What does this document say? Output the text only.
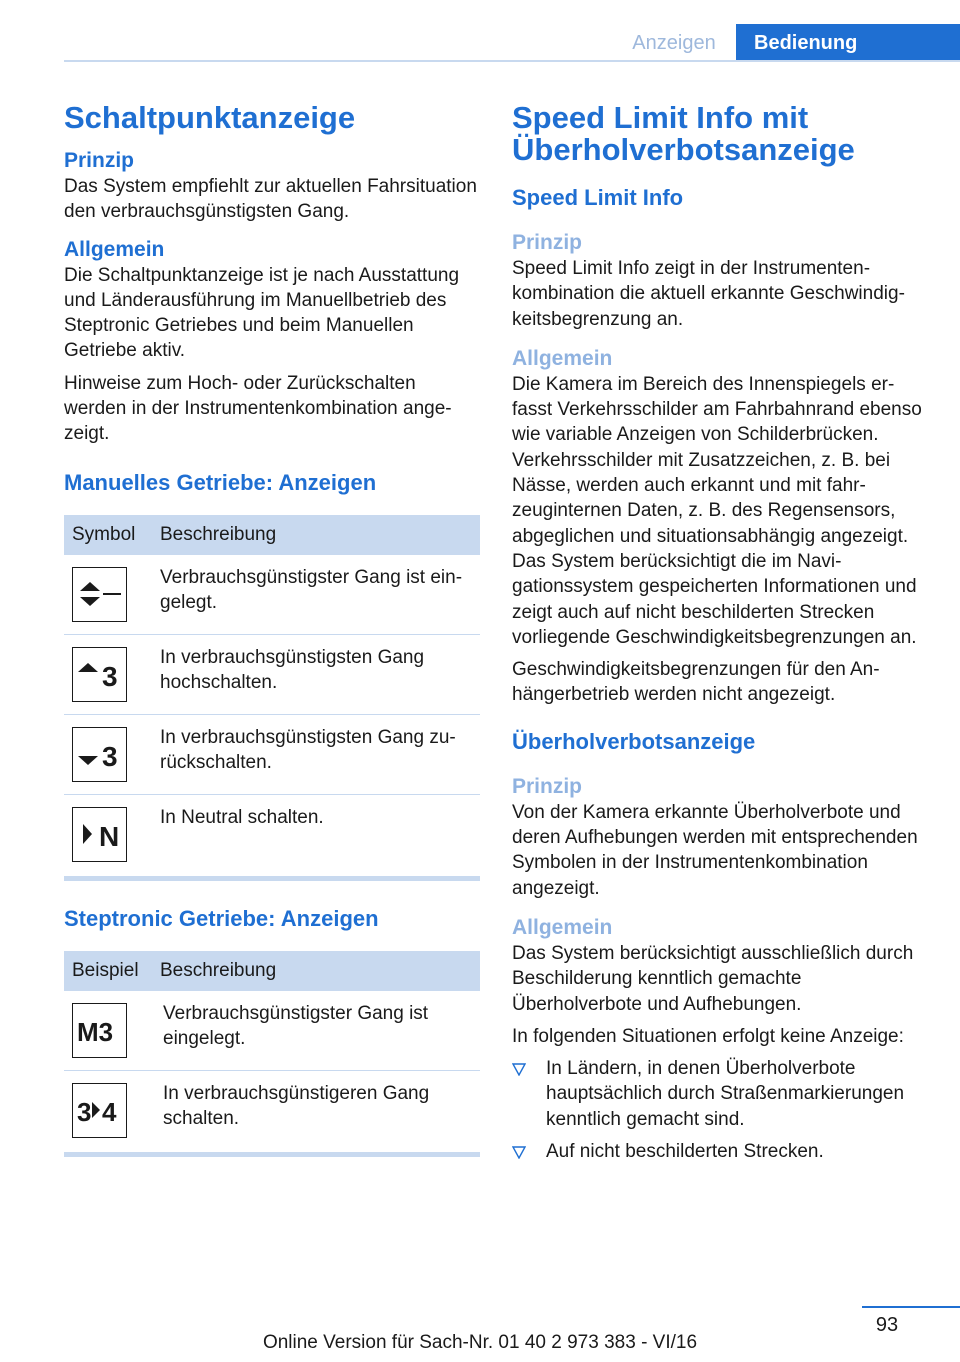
Anzeigen	Bedienung
Schaltpunktanzeige
Prinzip

Das System empfiehlt zur aktuellen Fahrsituation den verbrauchsgünstigsten Gang.

Allgemein

Die Schaltpunktanzeige ist je nach Ausstattung und Länderausführung im Manuellbetrieb des Steptronic Getriebes und beim Manuellen Getriebe aktiv.

Hinweise zum Hoch- oder Zurückschalten werden in der Instrumentenkombination angezeigt.

Manuelles Getriebe: Anzeigen
Symbol	Beschreibung

	Verbrauchsgünstigster Gang ist eingelegt.

3	In verbrauchsgünstigsten Gang hochschalten.

3	In verbrauchsgünstigsten Gang zurückschalten.

N	In Neutral schalten.
Steptronic Getriebe: Anzeigen
Beispiel	Beschreibung

M3	Verbrauchsgünstigster Gang ist eingelegt.

3 4	In verbrauchsgünstigeren Gang schalten.
Speed Limit Info mit Überholverbotsanzeige
Speed Limit Info
Prinzip

Speed Limit Info zeigt in der Instrumentenkombination die aktuell erkannte Geschwindigkeitsbegrenzung an.

Allgemein

Die Kamera im Bereich des Innenspiegels erfasst Verkehrsschilder am Fahrbahnrand ebenso wie variable Anzeigen von Schilderbrücken. Verkehrsschilder mit Zusatzzeichen, z. B. bei Nässe, werden auch erkannt und mit fahrzeuginternen Daten, z. B. des Regensensors, abgeglichen und situationsabhängig angezeigt. Das System berücksichtigt die im Navigationssystem gespeicherten Informationen und zeigt auch auf nicht beschilderten Strecken vorliegende Geschwindigkeitsbegrenzungen an.

Geschwindigkeitsbegrenzungen für den Anhängerbetrieb werden nicht angezeigt.

Überholverbotsanzeige
Prinzip

Von der Kamera erkannte Überholverbote und deren Aufhebungen werden mit entsprechenden Symbolen in der Instrumentenkombination angezeigt.

Allgemein

Das System berücksichtigt ausschließlich durch Beschilderung kenntlich gemachte Überholverbote und Aufhebungen.

In folgenden Situationen erfolgt keine Anzeige:

In Ländern, in denen Überholverbote hauptsächlich durch Straßenmarkierungen kenntlich gemacht sind.
Auf nicht beschilderten Strecken.
93
Online Version für Sach-Nr. 01 40 2 973 383 - VI/16
